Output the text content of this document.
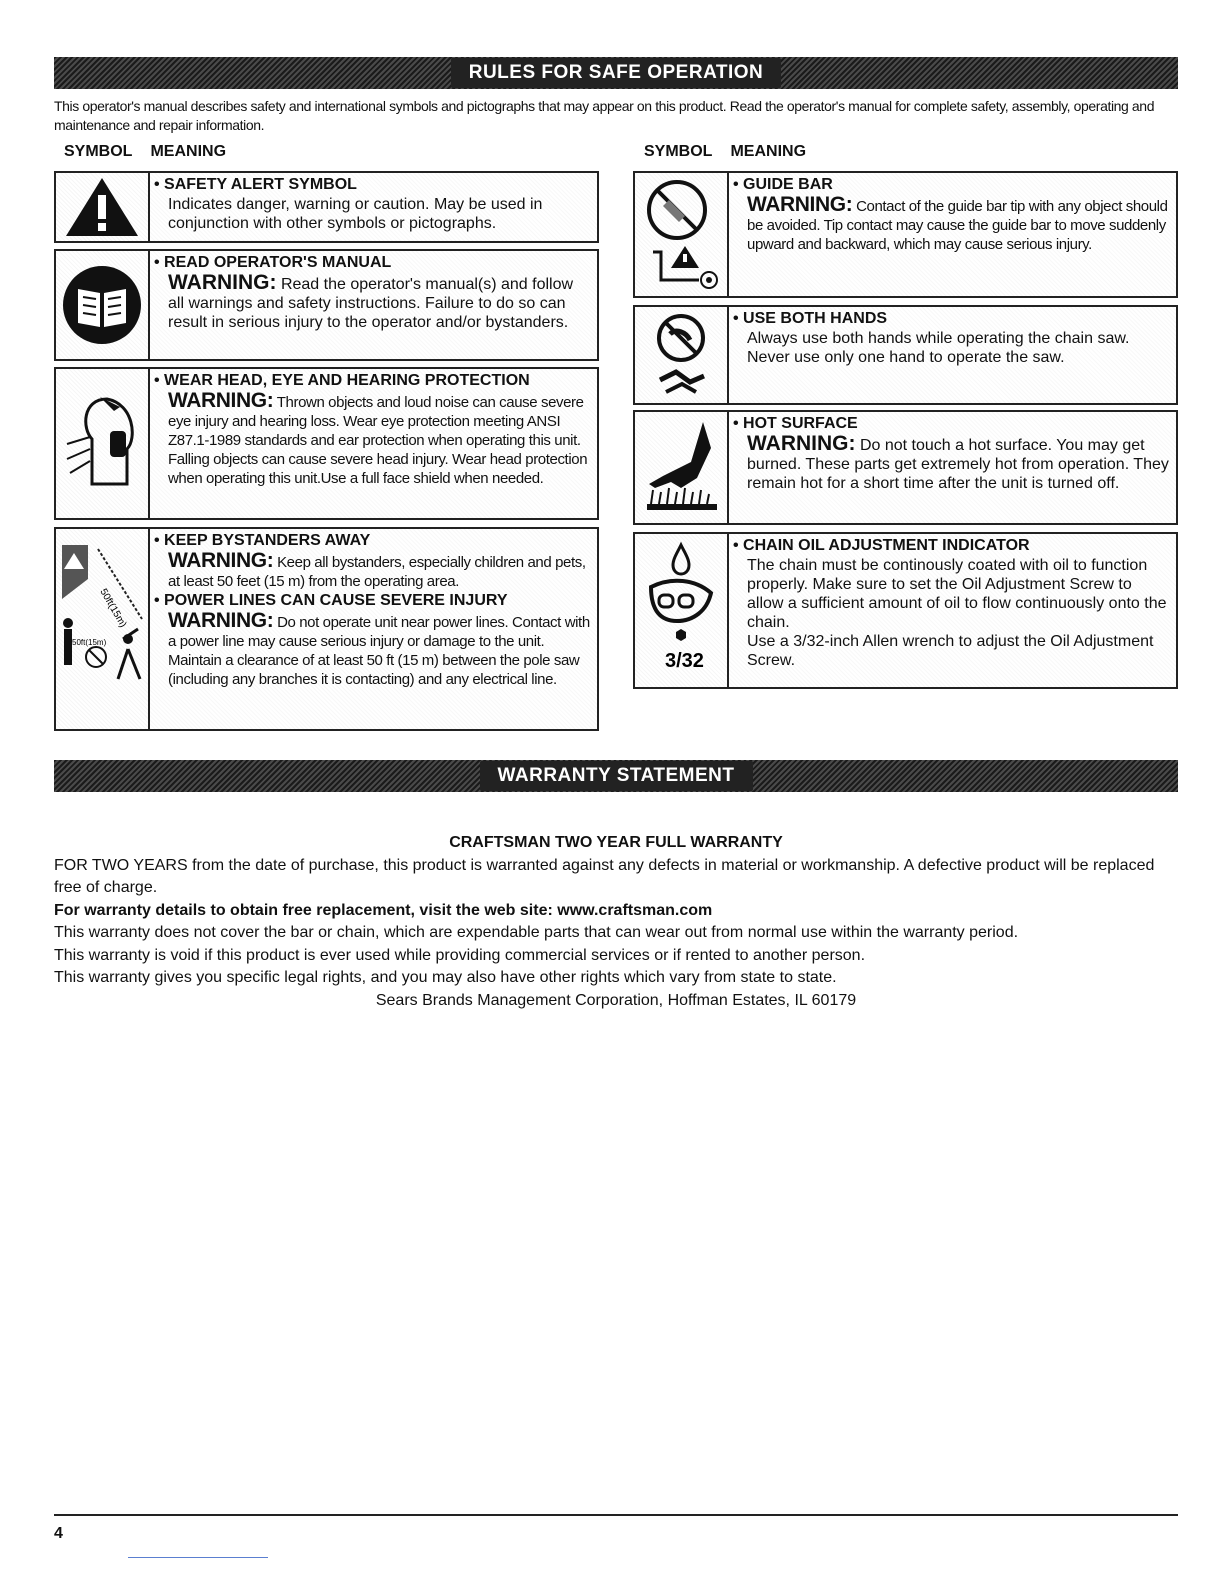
RULES FOR SAFE OPERATION
This operator's manual describes safety and international symbols and pictographs that may appear on this product. Read the operator's manual for complete safety, assembly, operating and maintenance and repair information.
SYMBOL MEANING	SYMBOL MEANING
• SAFETY ALERT SYMBOL
Indicates danger, warning or caution. May be used in conjunction with other symbols or pictographs.
• READ OPERATOR'S MANUAL
WARNING: Read the operator's manual(s) and follow all warnings and safety instructions. Failure to do so can result in serious injury to the operator and/or bystanders.
• WEAR HEAD, EYE AND HEARING PROTECTION
WARNING: Thrown objects and loud noise can cause severe eye injury and hearing loss. Wear eye protection meeting ANSI Z87.1-1989 standards and ear protection when operating this unit. Falling objects can cause severe head injury. Wear head protection when operating this unit.Use a full face shield when needed.
50ft(15m)
50ft(15m)
• KEEP BYSTANDERS AWAY
WARNING: Keep all bystanders, especially children and pets, at least 50 feet (15 m) from the operating area.
• POWER LINES CAN CAUSE SEVERE INJURY
WARNING: Do not operate unit near power lines. Contact with a power line may cause serious injury or damage to the unit. Maintain a clearance of at least 50 ft (15 m) between the pole saw (including any branches it is contacting) and any electrical line.
• GUIDE BAR
WARNING: Contact of the guide bar tip with any object should be avoided. Tip contact may cause the guide bar to move suddenly upward and backward, which may cause serious injury.
• USE BOTH HANDS
Always use both hands while operating the chain saw. Never use only one hand to operate the saw.
• HOT SURFACE
WARNING: Do not touch a hot surface. You may get burned. These parts get extremely hot from operation. They remain hot for a short time after the unit is turned off.
3/32
• CHAIN OIL ADJUSTMENT INDICATOR
The chain must be continously coated with oil to function properly. Make sure to set the Oil Adjustment Screw to allow a sufficient amount of oil to flow continuously onto the chain.
Use a 3/32-inch Allen wrench to adjust the Oil Adjustment Screw.
WARRANTY STATEMENT
CRAFTSMAN TWO YEAR FULL WARRANTY
FOR TWO YEARS from the date of purchase, this product is warranted against any defects in material or workmanship. A defective product will be replaced free of charge.
For warranty details to obtain free replacement, visit the web site: www.craftsman.com
This warranty does not cover the bar or chain, which are expendable parts that can wear out from normal use within the warranty period.
This warranty is void if this product is ever used while providing commercial services or if rented to another person.
This warranty gives you specific legal rights, and you may also have other rights which vary from state to state.
Sears Brands Management Corporation, Hoffman Estates, IL 60179
4
